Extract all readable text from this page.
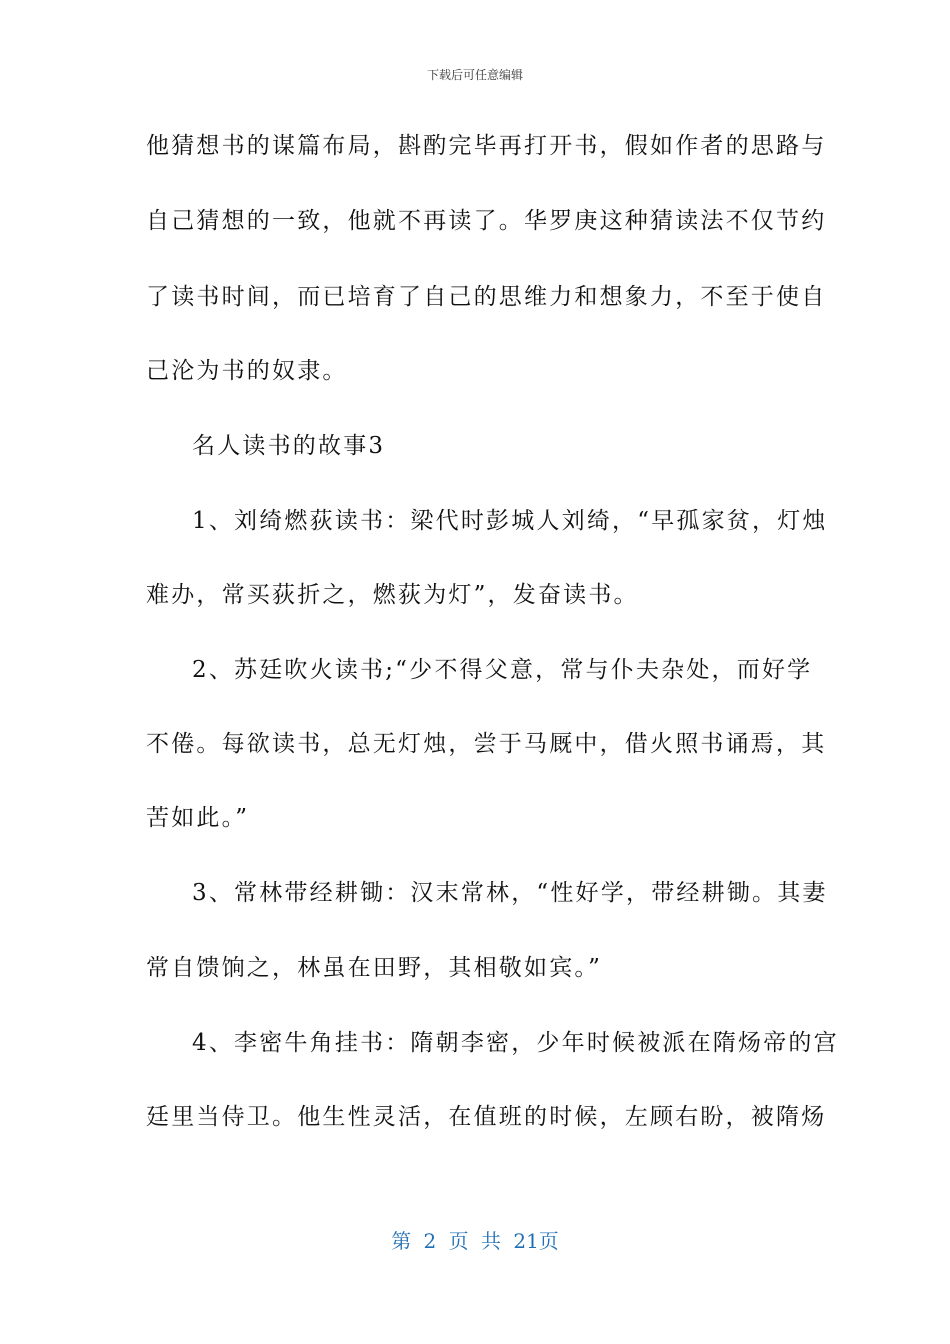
下载后可任意编辑
他猜想书的谋篇布局，斟酌完毕再打开书，假如作者的思路与
自己猜想的一致，他就不再读了。华罗庚这种猜读法不仅节约
了读书时间，而已培育了自己的思维力和想象力，不至于使自
己沦为书的奴隶。
名人读书的故事3
1、刘绮燃荻读书：梁代时彭城人刘绮，“早孤家贫，灯烛
难办，常买荻折之，燃荻为灯”，发奋读书。
2、苏廷吹火读书;“少不得父意，常与仆夫杂处，而好学
不倦。每欲读书，总无灯烛，尝于马厩中，借火照书诵焉，其
苦如此。”
3、常林带经耕锄：汉末常林，“性好学，带经耕锄。其妻
常自馈饷之，林虽在田野，其相敬如宾。”
4、李密牛角挂书：隋朝李密，少年时候被派在隋炀帝的宫
廷里当侍卫。他生性灵活，在值班的时候，左顾右盼，被隋炀
第 2 页 共 21页
